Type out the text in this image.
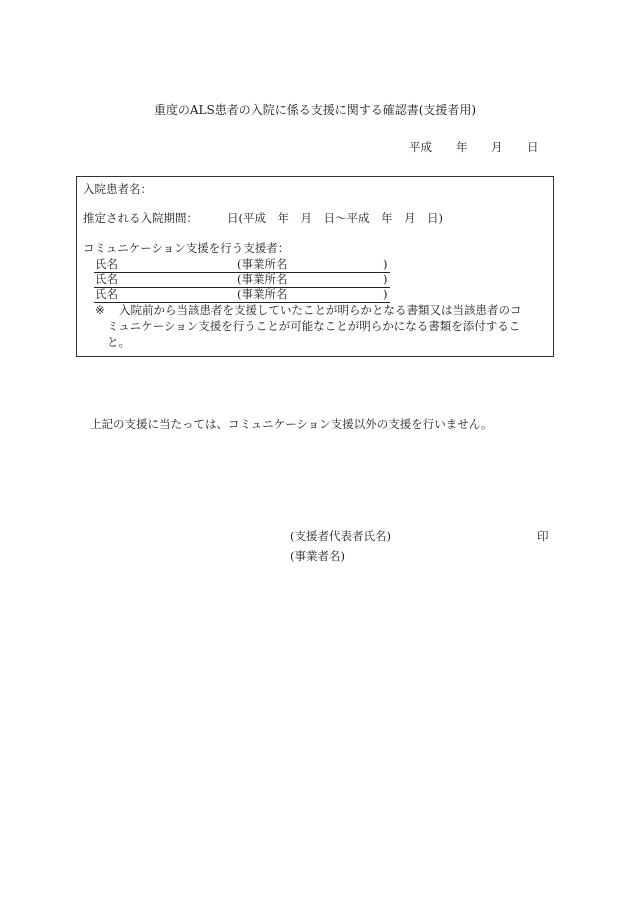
重度のALS患者の入院に係る支援に関する確認書(支援者用)
平成 年 月 日
入院患者名：
推定される入院期間：	日(平成　年　月　日～平成　年　月　日)
コミュニケーション支援を行う支援者：
氏名	(事業所名	)
氏名	(事業所名	)
氏名	(事業所名	)
※ 入院前から当該患者を支援していたことが明らかとなる書類又は当該患者のコ
ミュニケーション支援を行うことが可能なことが明らかになる書類を添付するこ
と。
上記の支援に当たっては、コミュニケーション支援以外の支援を行いません。
(支援者代表者氏名)	印
(事業者名)
